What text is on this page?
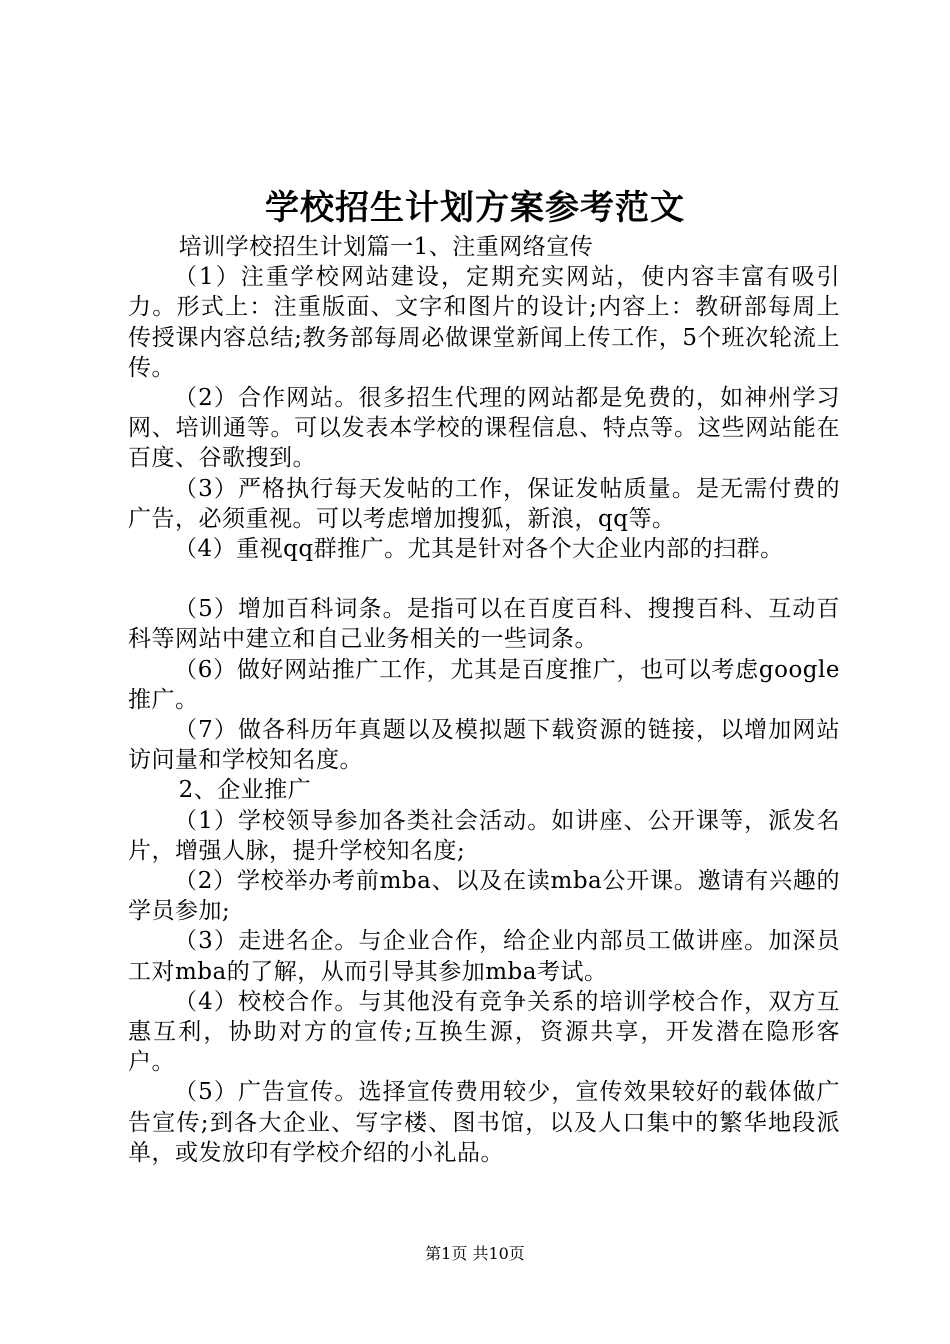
学校招生计划方案参考范文

培训学校招生计划篇一1、注重网络宣传

（1）注重学校网站建设，定期充实网站，使内容丰富有吸引力。形式上：注重版面、文字和图片的设计;内容上：教研部每周上传授课内容总结;教务部每周必做课堂新闻上传工作，5个班次轮流上传。

（2）合作网站。很多招生代理的网站都是免费的，如神州学习网、培训通等。可以发表本学校的课程信息、特点等。这些网站能在百度、谷歌搜到。

（3）严格执行每天发帖的工作，保证发帖质量。是无需付费的广告，必须重视。可以考虑增加搜狐，新浪，qq等。

（4）重视qq群推广。尤其是针对各个大企业内部的扫群。

（5）增加百科词条。是指可以在百度百科、搜搜百科、互动百科等网站中建立和自己业务相关的一些词条。

（6）做好网站推广工作，尤其是百度推广，也可以考虑google推广。

（7）做各科历年真题以及模拟题下载资源的链接，以增加网站访问量和学校知名度。

2、企业推广

（1）学校领导参加各类社会活动。如讲座、公开课等，派发名片，增强人脉，提升学校知名度;

（2）学校举办考前mba、以及在读mba公开课。邀请有兴趣的学员参加;

（3）走进名企。与企业合作，给企业内部员工做讲座。加深员工对mba的了解，从而引导其参加mba考试。

（4）校校合作。与其他没有竞争关系的培训学校合作，双方互惠互利，协助对方的宣传;互换生源，资源共享，开发潜在隐形客户。

（5）广告宣传。选择宣传费用较少，宣传效果较好的载体做广告宣传;到各大企业、写字楼、图书馆，以及人口集中的繁华地段派单，或发放印有学校介绍的小礼品。

第1页 共10页
